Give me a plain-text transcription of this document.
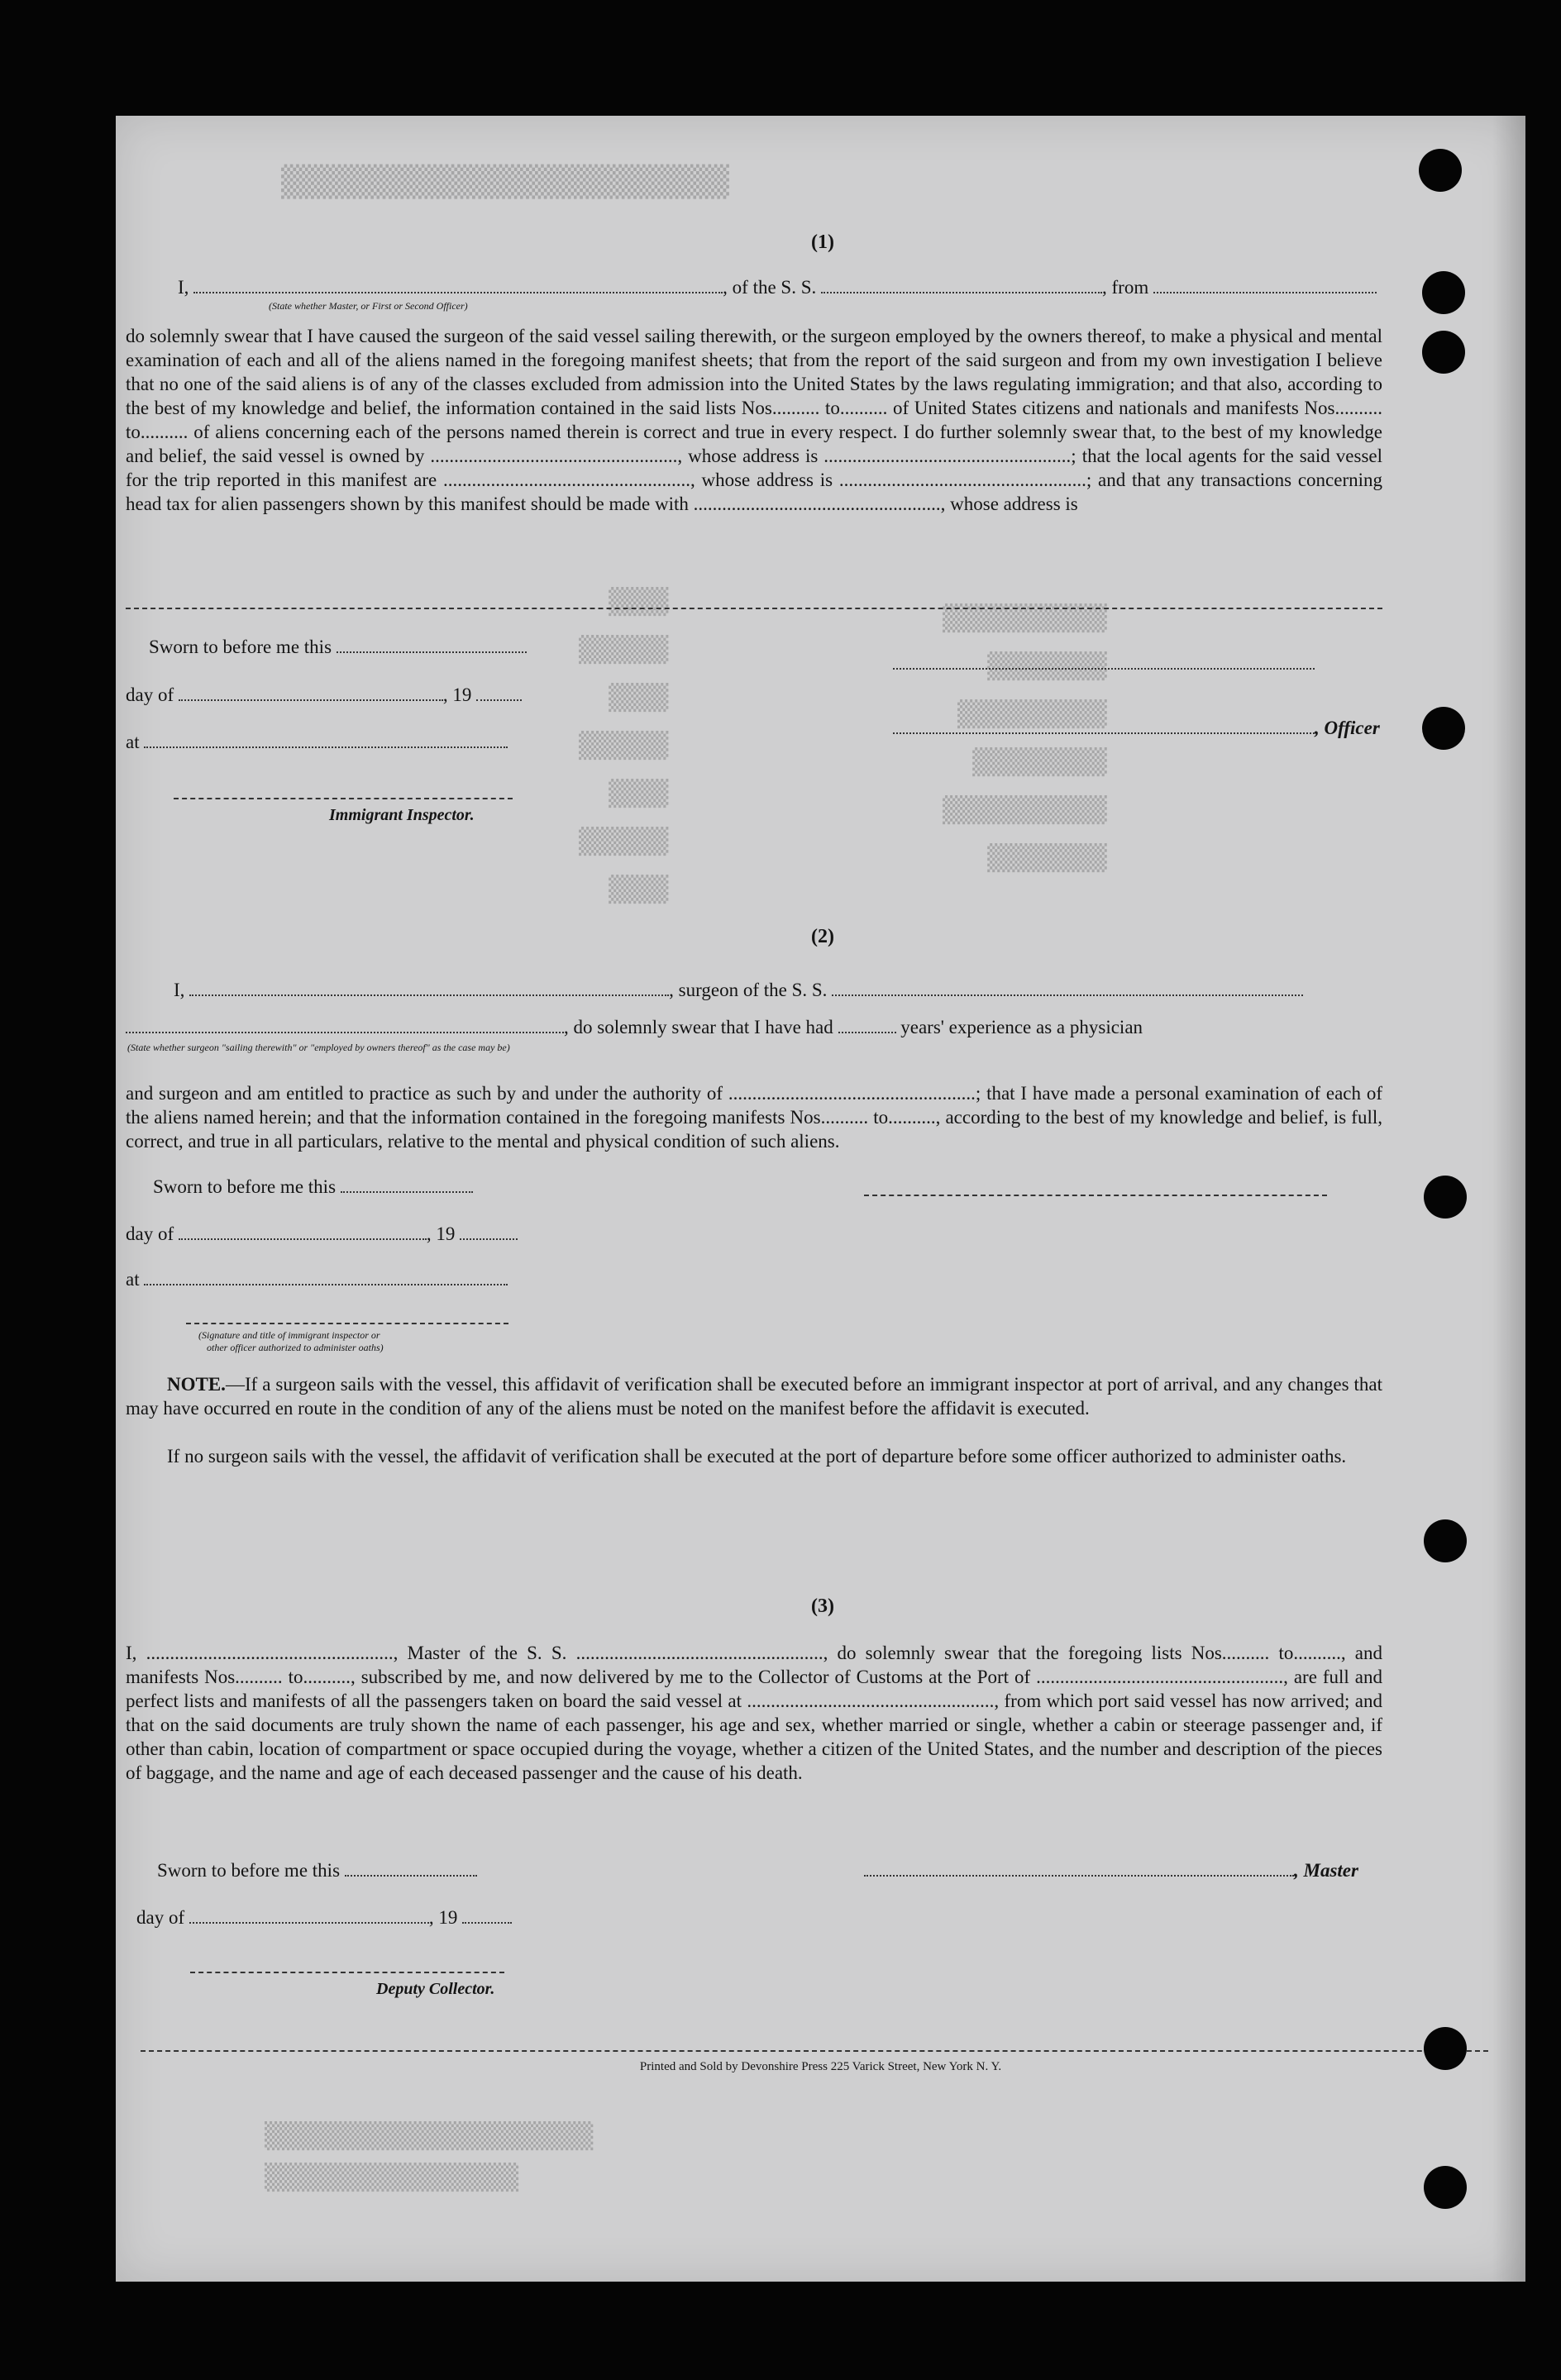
▒▒▒▒▒▒▒▒▒▒▒▒▒▒▒▒▒▒▒▒▒▒▒▒▒
▒▒▒▒
▒▒▒▒▒▒
▒▒▒▒
▒▒▒▒▒▒
▒▒▒▒
▒▒▒▒▒▒
▒▒▒▒
▒▒▒▒▒▒▒▒▒▒▒
▒▒▒▒▒▒▒▒
▒▒▒▒▒▒▒▒▒▒
▒▒▒▒▒▒▒▒▒
▒▒▒▒▒▒▒▒▒▒▒
▒▒▒▒▒▒▒▒
(1)
I,	, of the S. S.	, from
(State whether Master, or First or Second Officer)
do solemnly swear that I have caused the surgeon of the said vessel sailing therewith, or the surgeon employed by the owners thereof, to make a physical and mental examination of each and all of the aliens named in the foregoing manifest sheets; that from the report of the said surgeon and from my own investigation I believe that no one of the said aliens is of any of the classes excluded from admission into the United States by the laws regulating immigration; and that also, according to the best of my knowledge and belief, the information contained in the said lists Nos.......... to.......... of United States citizens and nationals and manifests Nos.......... to.......... of aliens concerning each of the persons named therein is correct and true in every respect. I do further solemnly swear that, to the best of my knowledge and belief, the said vessel is owned by ...................................................., whose address is ....................................................; that the local agents for the said vessel for the trip reported in this manifest are ...................................................., whose address is ....................................................; and that any transactions concerning head tax for alien passengers shown by this manifest should be made with ...................................................., whose address is
Sworn to before me this
day of	, 19
at
, Officer
Immigrant Inspector.
(2)
I,	, surgeon of the S. S.
, do solemnly swear that I have had	years' experience as a physician
(State whether surgeon "sailing therewith" or "employed by owners thereof" as the case may be)
and surgeon and am entitled to practice as such by and under the authority of ....................................................; that I have made a personal examination of each of the aliens named herein; and that the information contained in the foregoing manifests Nos.......... to.........., according to the best of my knowledge and belief, is full, correct, and true in all particulars, relative to the mental and physical condition of such aliens.
Sworn to before me this
day of	, 19
at
(Signature and title of immigrant inspector or
other officer authorized to administer oaths)
NOTE.—If a surgeon sails with the vessel, this affidavit of verification shall be executed before an immigrant inspector at port of arrival, and any changes that may have occurred en route in the condition of any of the aliens must be noted on the manifest before the affidavit is executed.
If no surgeon sails with the vessel, the affidavit of verification shall be executed at the port of departure before some officer authorized to administer oaths.
(3)
I, ...................................................., Master of the S. S. ...................................................., do solemnly swear that the foregoing lists Nos.......... to.........., and manifests Nos.......... to.........., subscribed by me, and now delivered by me to the Collector of Customs at the Port of ...................................................., are full and perfect lists and manifests of all the passengers taken on board the said vessel at ...................................................., from which port said vessel has now arrived; and that on the said documents are truly shown the name of each passenger, his age and sex, whether married or single, whether a cabin or steerage passenger and, if other than cabin, location of compartment or space occupied during the voyage, whether a citizen of the United States, and the number and description of the pieces of baggage, and the name and age of each deceased passenger and the cause of his death.
Sworn to before me this	, Master
day of	, 19
Deputy Collector.
Printed and Sold by Devonshire Press 225 Varick Street, New York N. Y.
▒▒▒▒▒▒▒▒▒▒▒▒▒▒▒▒▒▒▒▒▒▒
▒▒▒▒▒▒▒▒▒▒▒▒▒▒▒▒▒
